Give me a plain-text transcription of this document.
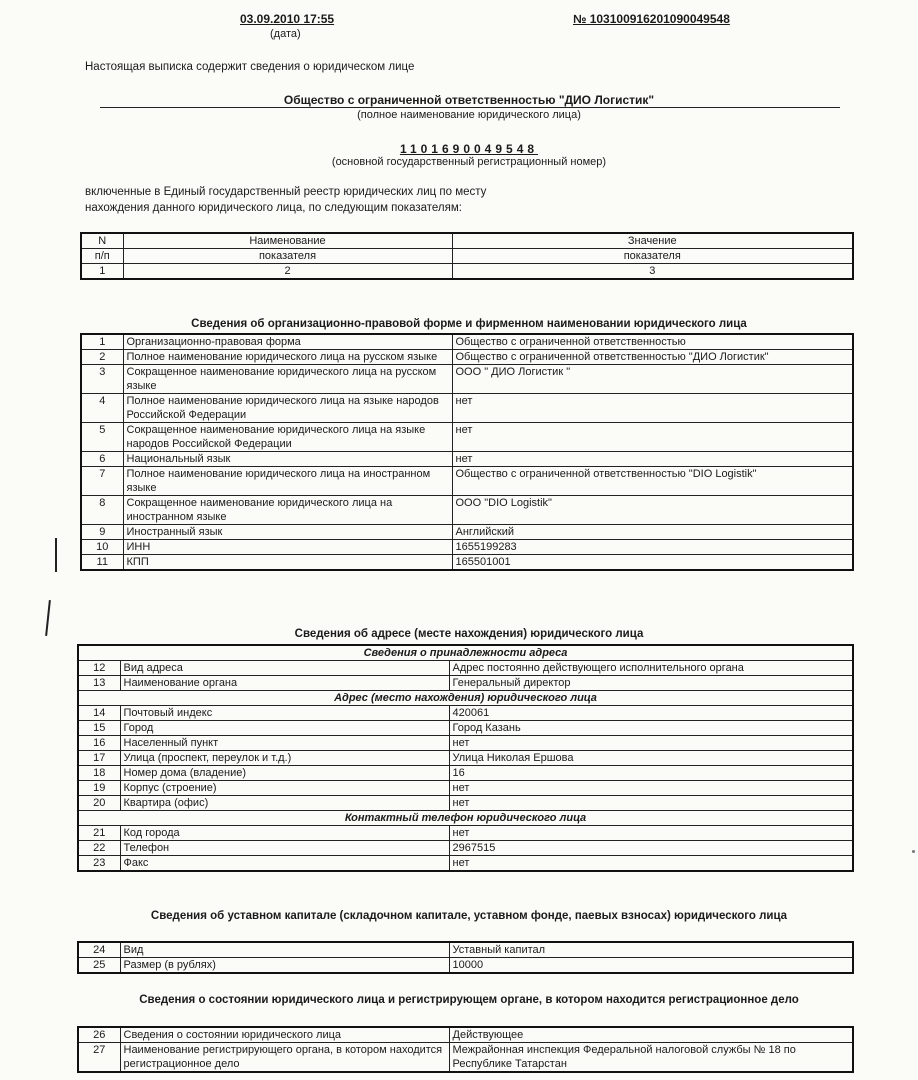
03.09.2010 17:55
(дата)
№ 103100916201090049548
Настоящая выписка содержит сведения о юридическом лице
Общество с ограниченной ответственностью "ДИО Логистик"
(полное наименование юридического лица)
1101690049548
(основной государственный регистрационный номер)
включенные в Единый государственный реестр юридических лиц по месту
нахождения данного юридического лица, по следующим показателям:
N	Наименование	Значение
п/п	показателя	показателя
1	2	3
Сведения об организационно-правовой форме и фирменном наименовании юридического лица
1	Организационно-правовая форма	Общество с ограниченной ответственностью
2	Полное наименование юридического лица на русском языке	Общество с ограниченной ответственностью "ДИО Логистик"
3	Сокращенное наименование юридического лица на русском языке	ООО " ДИО Логистик "
4	Полное наименование юридического лица на языке народов Российской Федерации	нет
5	Сокращенное наименование юридического лица на языке народов Российской Федерации	нет
6	Национальный язык	нет
7	Полное наименование юридического лица на иностранном языке	Общество с ограниченной ответственностью "DIO Logistik"
8	Сокращенное наименование юридического лица на иностранном языке	ООО "DIO Logistik"
9	Иностранный язык	Английский
10	ИНН	1655199283
11	КПП	165501001
Сведения об адресе (месте нахождения) юридического лица
Сведения о принадлежности адреса		
12	Вид адреса	Адрес постоянно действующего исполнительного органа
13	Наименование органа	Генеральный директор
Адрес (место нахождения) юридического лица		
14	Почтовый индекс	420061
15	Город	Город Казань
16	Населенный пункт	нет
17	Улица (проспект, переулок и т.д.)	Улица Николая Ершова
18	Номер дома (владение)	16
19	Корпус (строение)	нет
20	Квартира (офис)	нет
Контактный телефон юридического лица		
21	Код города	нет
22	Телефон	2967515
23	Факс	нет
Сведения об уставном капитале (складочном капитале, уставном фонде, паевых взносах) юридического лица
24	Вид	Уставный капитал
25	Размер (в рублях)	10000
Сведения о состоянии юридического лица и регистрирующем органе, в котором находится регистрационное дело
26	Сведения о состоянии юридического лица	Действующее
27	Наименование регистрирующего органа, в котором находится регистрационное дело	Межрайонная инспекция Федеральной налоговой службы № 18 по Республике Татарстан
